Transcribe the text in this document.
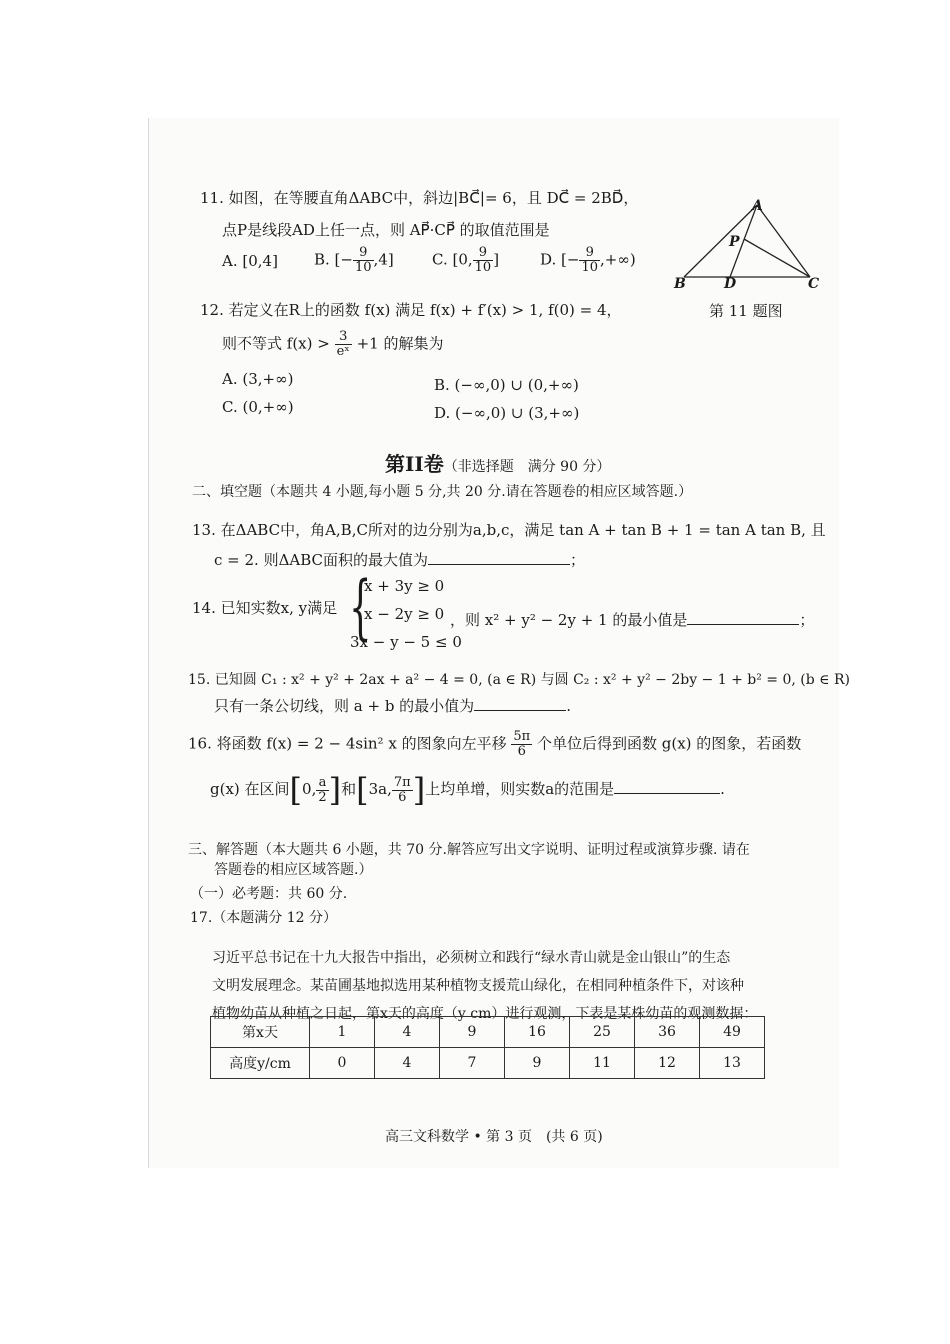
11. 如图，在等腰直角ΔABC中，斜边|BC⃗|= 6，且 DC⃗ = 2BD⃗，
点P是线段AD上任一点，则 AP⃗·CP⃗ 的取值范围是
A. [0,4] B. [− $\frac{9}{10} ,4$]	C. [0, $\frac{9}{10}$ ]	D. [− $\frac{9}{10}$ ,+∞)
A
P
B	D	C
第 11 题图
12. 若定义在R上的函数 f(x) 满足 f(x) + f′(x) > 1, f(0) = 4，
则不等式 $f(x) > \frac{3}{\text{eˣ}} +1$ 的解集为
A. (3,+∞)	B. (−∞,0) ∪ (0,+∞)
C. (0,+∞)	D. (−∞,0) ∪ (3,+∞)
第II卷（非选择题　满分 90 分）
二、填空题（本题共 4 小题,每小题 5 分,共 20 分.请在答题卷的相应区域答题.）
13. 在ΔABC中，角A,B,C所对的边分别为a,b,c，满足 tan A + tan B + 1 = tan A tan B, 且
c = 2. 则ΔABC面积的最大值为	；
14. 已知实数x, y满足 {
x + 3y ≥ 0
x − 2y ≥ 0
3x − y − 5 ≤ 0
，则 x² + y² − 2y + 1 的最小值是	；
15. 已知圆 C₁ : x² + y² + 2ax + a² − 4 = 0, (a ∈ R) 与圆 C₂ : x² + y² − 2by − 1 + b² = 0, (b ∈ R)
只有一条公切线，则 a + b 的最小值为	.
16. 将函数 f(x) = 2 − 4sin² x 的图象向左平移 $\frac{5\pi}{6}$ 个单位后得到函数 g(x) 的图象，若函数
g(x) 在区间[0, $\frac{a}{2}$ ]和[3a, $\frac{7\pi}{6}$ ]上均单增，则实数a的范围是	.
三、解答题（本大题共 6 小题，共 70 分.解答应写出文字说明、证明过程或演算步骤. 请在
答题卷的相应区域答题.）
（一）必考题：共 60 分.
17.（本题满分 12 分）
习近平总书记在十九大报告中指出，必须树立和践行“绿水青山就是金山银山”的生态
文明发展理念。某苗圃基地拟选用某种植物支援荒山绿化，在相同种植条件下，对该种
植物幼苗从种植之日起，第x天的高度（y cm）进行观测，下表是某株幼苗的观测数据：
第x天	1	4	9	16	25	36	49
高度y/cm	0	4	7	9	11	12	13
高三文科数学 • 第 3 页　(共 6 页)
